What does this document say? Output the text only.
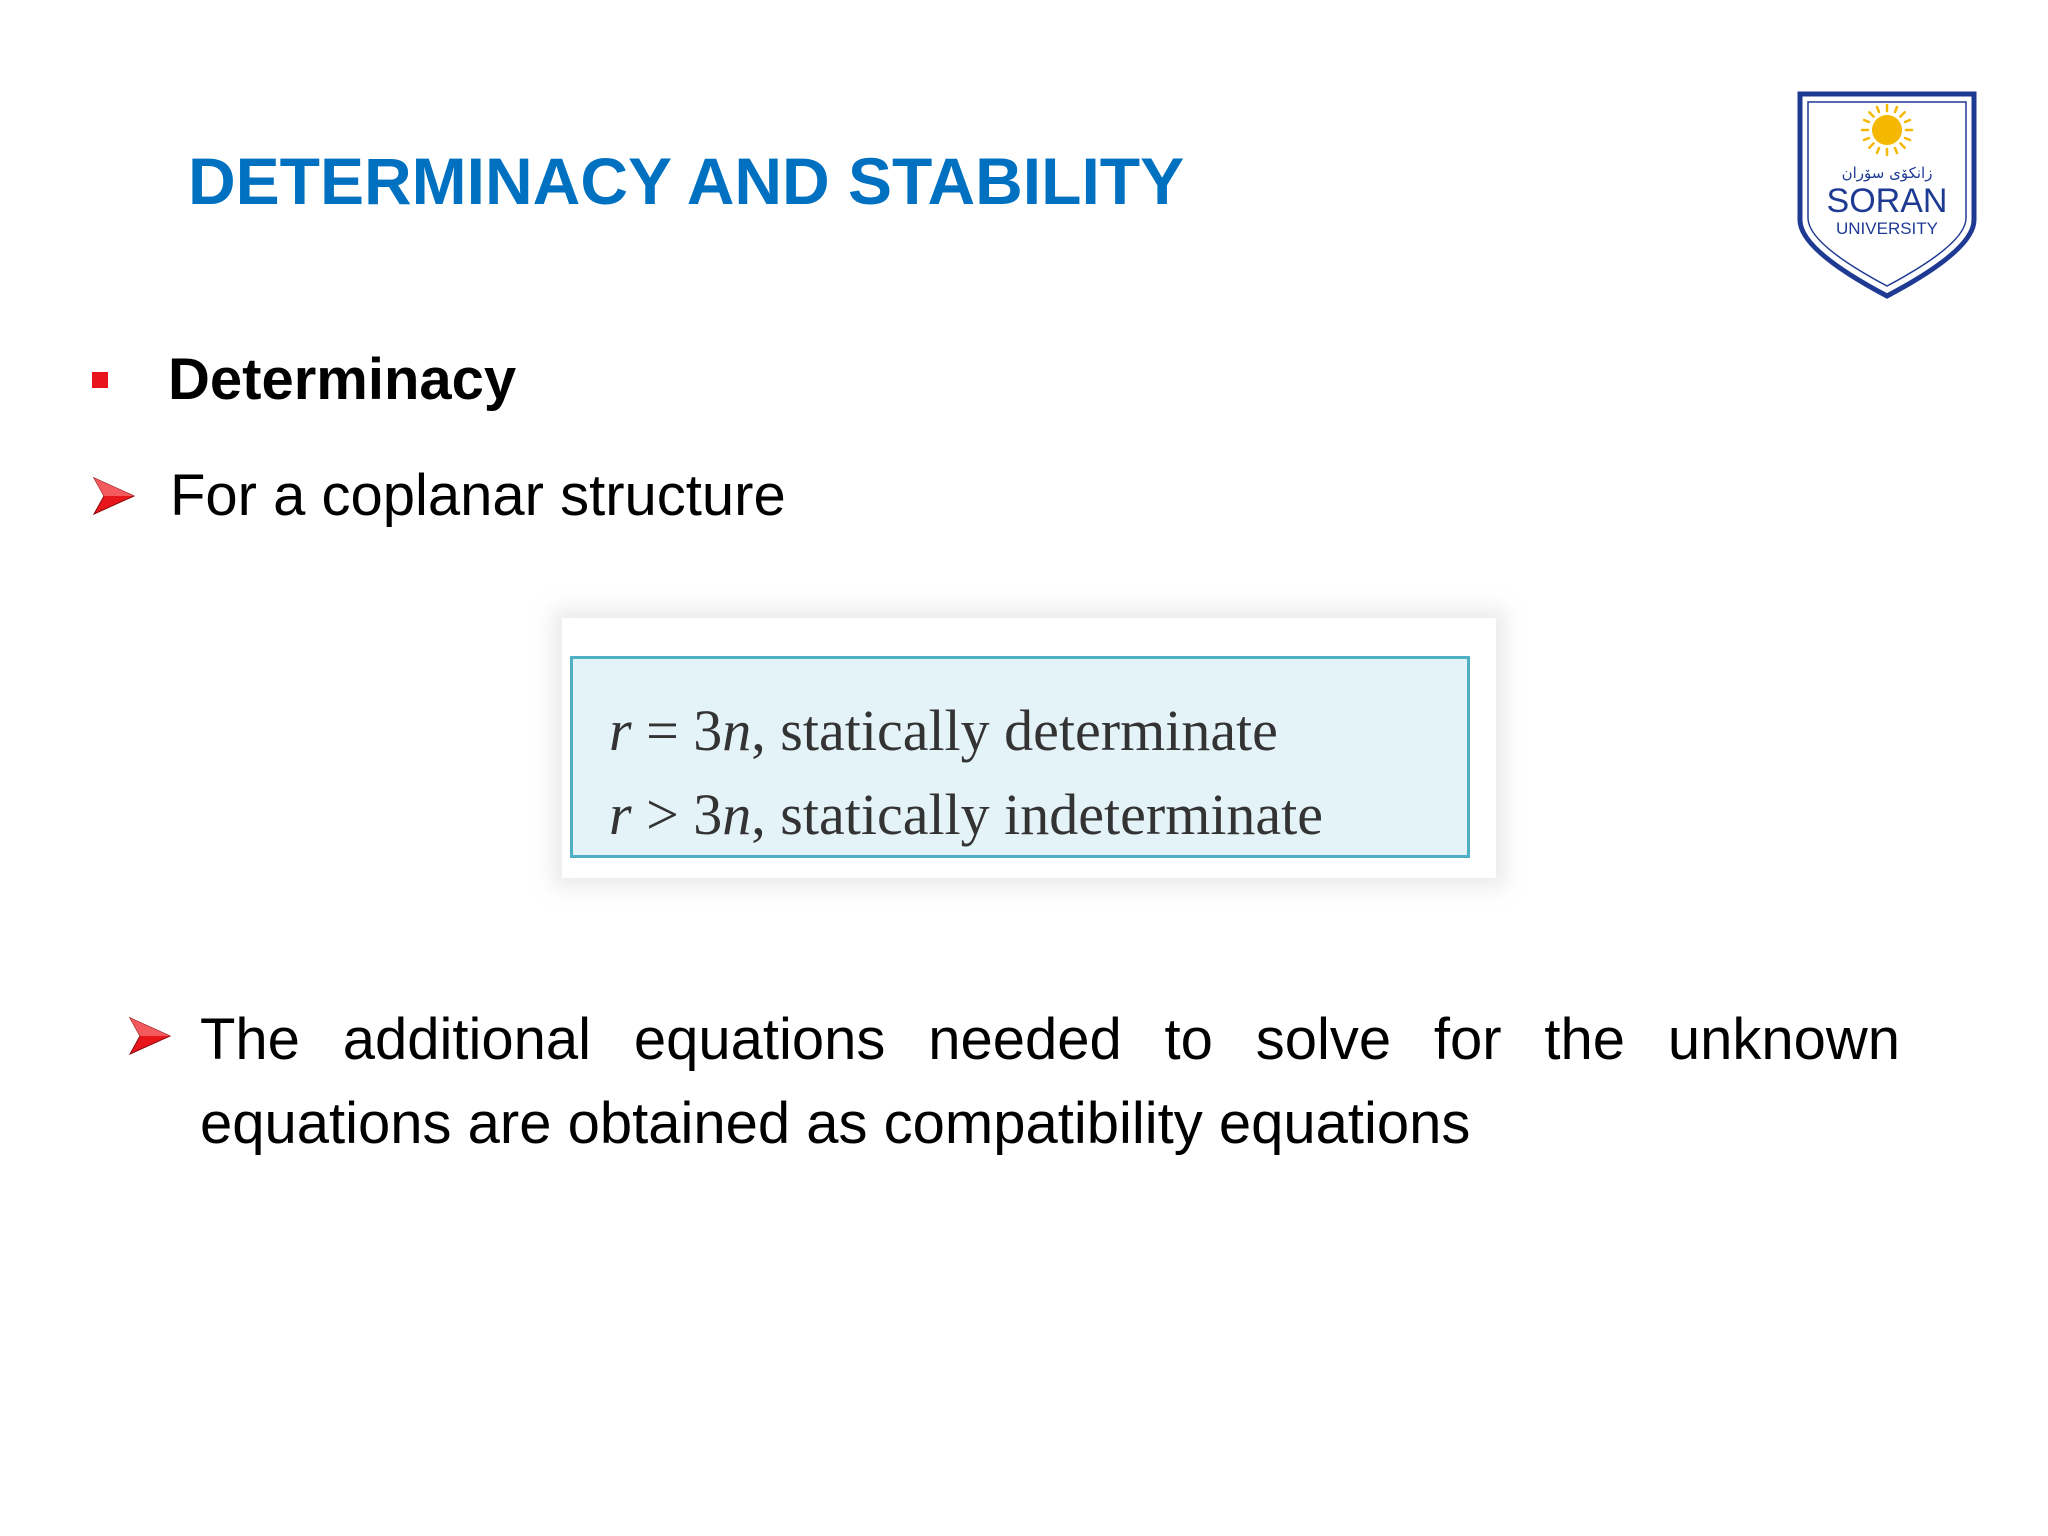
DETERMINACY AND STABILITY	زانكۆی سۆران
SORAN
UNIVERSITY
Determinacy
For a coplanar structure
r = 3n, statically determinate
r > 3n, statically indeterminate
The additional equations needed to solve for the unknown equations are obtained as compatibility equations
